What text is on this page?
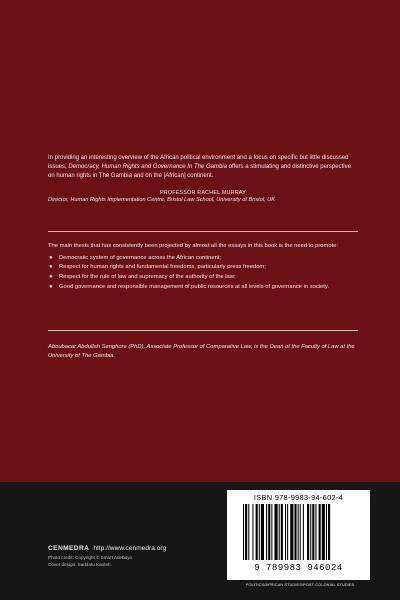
In providing an interesting overview of the African political environment and a focus on specific but little discussed issues, Democracy, Human Rights and Governance In The Gambia offers a stimulating and distinctive perspective on human rights in The Gambia and on the [African] continent.

PROFESSOR RACHEL MURRAY

Director, Human Rights Implementation Centre, Bristol Law School, University of Bristol, UK

The main thesis that has consistently been projected by almost all the essays in this book is the need to promote:

● Democratic system of governance across the African continent;
● Respect for human rights and fundamental freedoms, particularly press freedom;
● Respect for the rule of law and supremacy of the authority of the law;
● Good governance and responsible management of public resources at all levels of governance in society.

Aboubacar Abdullah Senghore (PhD), Associate Professor of Comparative Law, is the Dean of the Faculty of Law at the University of The Gambia.

ISBN 978-9983-94-602-4
9 789983 946024
POLITICS/AFRICAN STUDIES/POST-COLONIAL STUDIES
CENMEDRA http://www.cenmedra.org
Photo credit: Copyright © Smart Adebayo
Cover design: Saddatu Kanteh
